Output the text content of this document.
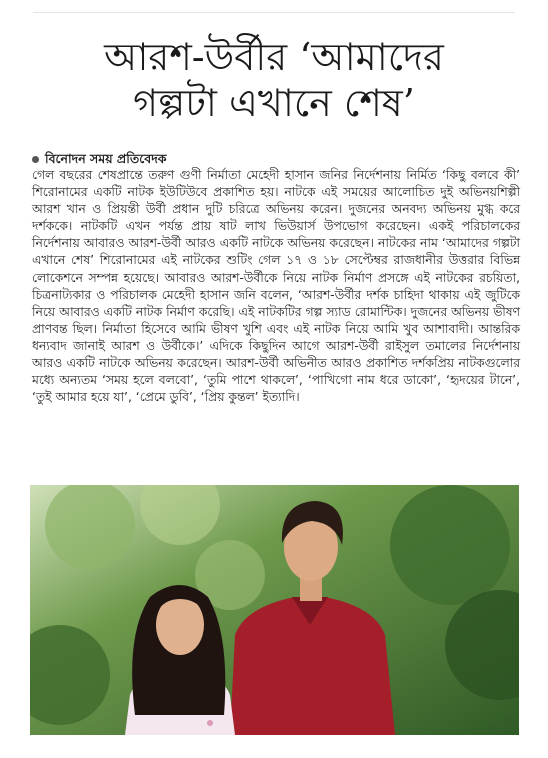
আরশ-উর্বীর ‘আমাদের
গল্পটা এখানে শেষ’
বিনোদন সময় প্রতিবেদক

গেল বছরের শেষপ্রান্তে তরুণ গুণী নির্মাতা মেহেদী হাসান জনির নির্দেশনায় নির্মিত ‘কিছু বলবে কী’ শিরোনামের একটি নাটক ইউটিউবে প্রকাশিত হয়। নাটকে এই সময়ের আলোচিত দুই অভিনয়শিল্পী আরশ খান ও প্রিয়ন্তী উর্বী প্রধান দুটি চরিত্রে অভিনয় করেন। দুজনের অনবদ্য অভিনয় মুগ্ধ করে দর্শককে। নাটকটি এখন পর্যন্ত প্রায় ষাট লাখ ভিউয়ার্স উপভোগ করেছেন। একই পরিচালকের নির্দেশনায় আবারও আরশ-উর্বী আরও একটি নাটকে অভিনয় করেছেন। নাটকের নাম ‘আমাদের গল্পটা এখানে শেষ’ শিরোনামের এই নাটকের শুটিং গেল ১৭ ও ১৮ সেপ্টেম্বর রাজধানীর উত্তরার বিভিন্ন লোকেশনে সম্পন্ন হয়েছে। আবারও আরশ-উর্বীকে নিয়ে নাটক নির্মাণ প্রসঙ্গে এই নাটকের রচয়িতা, চিত্রনাট্যকার ও পরিচালক মেহেদী হাসান জনি বলেন, ‘আরশ-উর্বীর দর্শক চাহিদা থাকায় এই জুটিকে নিয়ে আবারও একটি নাটক নির্মাণ করেছি। এই নাটকটির গল্প স্যাড রোমান্টিক। দুজনের অভিনয় ভীষণ প্রাণবন্ত ছিল। নির্মাতা হিসেবে আমি ভীষণ খুশি এবং এই নাটক নিয়ে আমি খুব আশাবাদী। আন্তরিক ধন্যবাদ জানাই আরশ ও উর্বীকে।’ এদিকে কিছুদিন আগে আরশ-উর্বী রাইসুল তমালের নির্দেশনায় আরও একটি নাটকে অভিনয় করেছেন। আরশ-উর্বী অভিনীত আরও প্রকাশিত দর্শকপ্রিয় নাটকগুলোর মধ্যে অন্যতম ‘সময় হলে বলবো’, ‘তুমি পাশে থাকলে’, ‘পাখিগো নাম ধরে ডাকো’, ‘হৃদয়ের টানে’, ‘তুই আমার হয়ে যা’, ‘প্রেমে ডুবি’, ‘প্রিয় কুন্তল’ ইত্যাদি।
